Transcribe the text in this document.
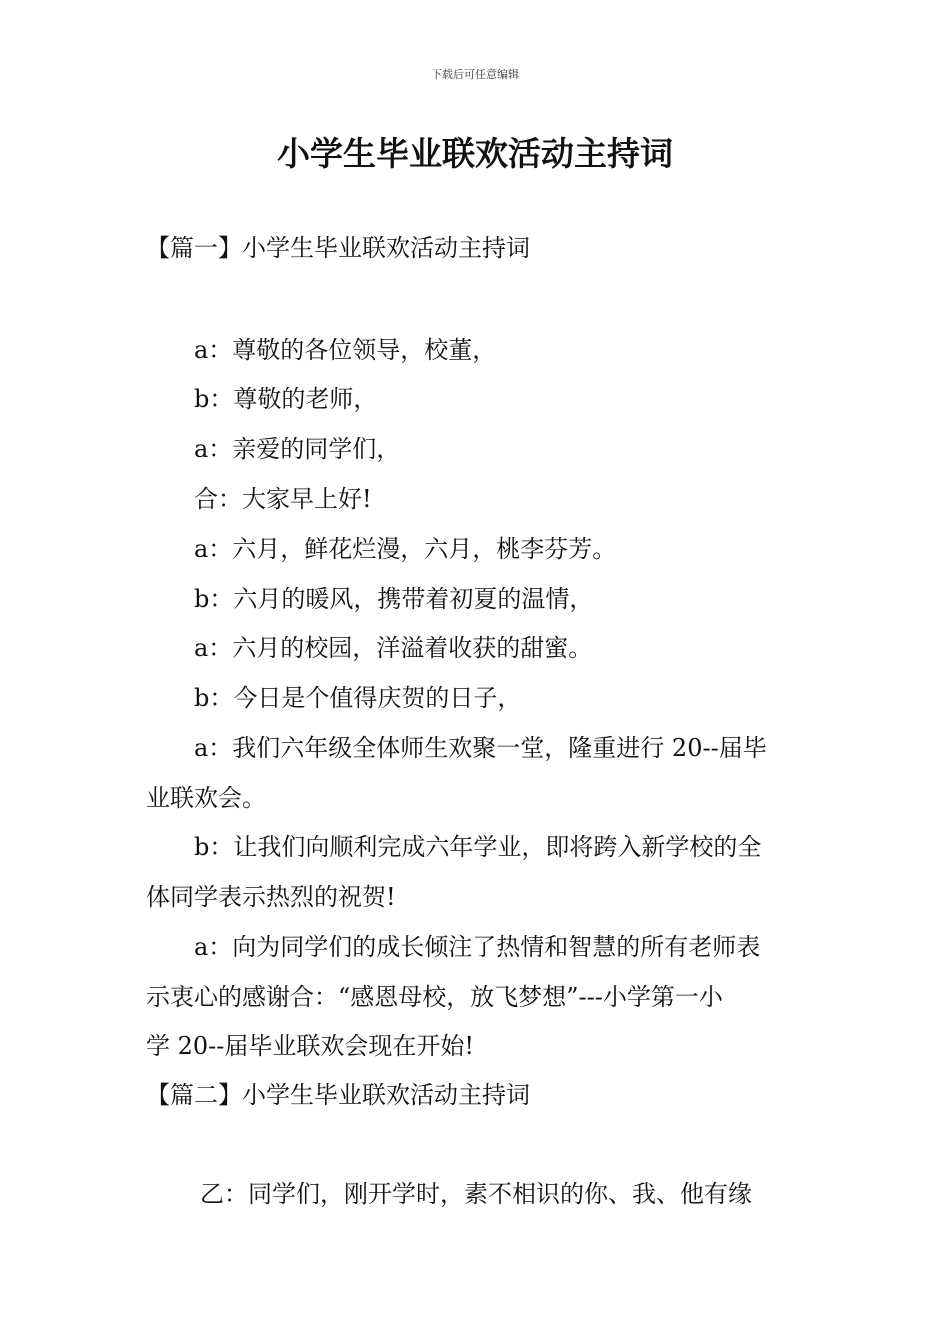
下载后可任意编辑
小学生毕业联欢活动主持词
【篇一】小学生毕业联欢活动主持词
a：尊敬的各位领导，校董，
b：尊敬的老师，
a：亲爱的同学们，
合：大家早上好!
a：六月，鲜花烂漫，六月，桃李芬芳。
b：六月的暖风，携带着初夏的温情，
a：六月的校园，洋溢着收获的甜蜜。
b：今日是个值得庆贺的日子，
a：我们六年级全体师生欢聚一堂，隆重进行 20--届毕
业联欢会。
b：让我们向顺利完成六年学业，即将跨入新学校的全
体同学表示热烈的祝贺!
a：向为同学们的成长倾注了热情和智慧的所有老师表
示衷心的感谢合：“感恩母校，放飞梦想”---小学第一小
学 20--届毕业联欢会现在开始!
【篇二】小学生毕业联欢活动主持词
乙：同学们，刚开学时，素不相识的你、我、他有缘
